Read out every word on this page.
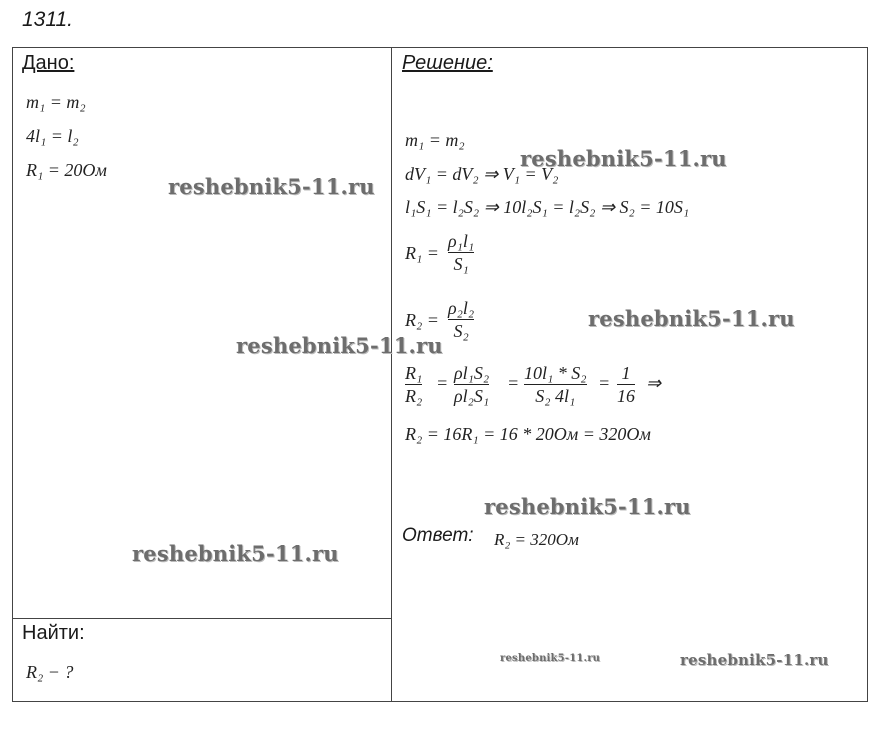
1311.
Дано:
m₁ = m₂
4l₁ = l₂
R₁ = 20Ом
Найти:
R₂ − ?
Решение:
m₁ = m₂
dV₁ = dV₂ ⇒ V₁ = V₂
l₁S₁ = l₂S₂ ⇒ 10l₂S₁ = l₂S₂ ⇒ S₂ = 10S₁
R₁ =
ρ₁l₁
S₁
R₂ =
ρ₂l₂
S₂
R₁
R₂
= ρl₁S₂
ρl₂S₁
= 10l₁ * S₂
S₂ 4l₁
= 1
16
⇒
R₂ = 16R₁ = 16 * 20Ом = 320Ом
Ответ: R₂ = 320Ом
reshebnik5-11.ru
reshebnik5-11.ru
reshebnik5-11.ru
reshebnik5-11.ru
reshebnik5-11.ru
reshebnik5-11.ru
reshebnik5-11.ru	reshebnik5-11.ru
